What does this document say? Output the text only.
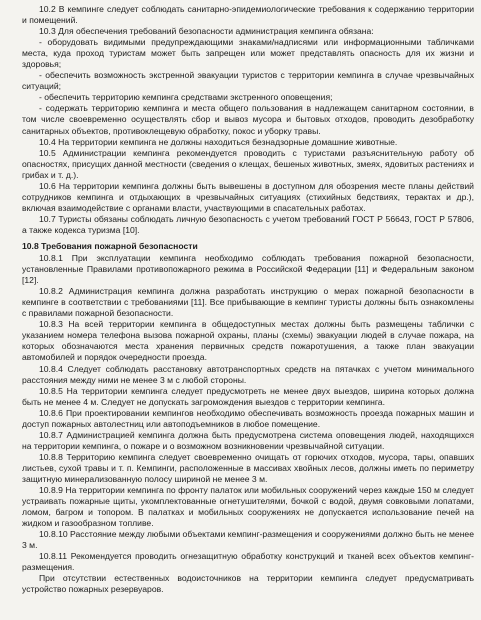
10.2 В кемпинге следует соблюдать санитарно-эпидемиологические требования к содержанию территории и помещений.
10.3 Для обеспечения требований безопасности администрация кемпинга обязана:
- оборудовать видимыми предупреждающими знаками/надписями или информационными табличками места, куда проход туристам может быть запрещен или может представлять опасность для их жизни и здоровья;
- обеспечить возможность экстренной эвакуации туристов с территории кемпинга в случае чрезвычайных ситуаций;
- обеспечить территорию кемпинга средствами экстренного оповещения;
- содержать территорию кемпинга и места общего пользования в надлежащем санитарном состоянии, в том числе своевременно осуществлять сбор и вывоз мусора и бытовых отходов, проводить дезобработку санитарных объектов, противоклещевую обработку, покос и уборку травы.
10.4 На территории кемпинга не должны находиться безнадзорные домашние животные.
10.5 Администрации кемпинга рекомендуется проводить с туристами разъяснительную работу об опасностях, присущих данной местности (сведения о клещах, бешеных животных, змеях, ядовитых растениях и грибах и т. д.).
10.6 На территории кемпинга должны быть вывешены в доступном для обозрения месте планы действий сотрудников кемпинга и отдыхающих в чрезвычайных ситуациях (стихийных бедствиях, терактах и др.), включая взаимодействие с органами власти, участвующими в спасательных работах.
10.7 Туристы обязаны соблюдать личную безопасность с учетом требований ГОСТ Р 56643, ГОСТ Р 57806, а также кодекса туризма [10].
10.8 Требования пожарной безопасности
10.8.1 При эксплуатации кемпинга необходимо соблюдать требования пожарной безопасности, установленные Правилами противопожарного режима в Российской Федерации [11] и Федеральным законом [12].
10.8.2 Администрация кемпинга должна разработать инструкцию о мерах пожарной безопасности в кемпинге в соответствии с требованиями [11]. Все прибывающие в кемпинг туристы должны быть ознакомлены с правилами пожарной безопасности.
10.8.3 На всей территории кемпинга в общедоступных местах должны быть размещены таблички с указанием номера телефона вызова пожарной охраны, планы (схемы) эвакуации людей в случае пожара, на которых обозначаются места хранения первичных средств пожаротушения, а также план эвакуации автомобилей и порядок очередности проезда.
10.8.4 Следует соблюдать расстановку автотранспортных средств на пятачках с учетом минимального расстояния между ними не менее 3 м с любой стороны.
10.8.5 На территории кемпинга следует предусмотреть не менее двух выездов, ширина которых должна быть не менее 4 м. Следует не допускать загромождения выездов с территории кемпинга.
10.8.6 При проектировании кемпингов необходимо обеспечивать возможность проезда пожарных машин и доступ пожарных автолестниц или автоподъемников в любое помещение.
10.8.7 Администрацией кемпинга должна быть предусмотрена система оповещения людей, находящихся на территории кемпинга, о пожаре и о возможном возникновении чрезвычайной ситуации.
10.8.8 Территорию кемпинга следует своевременно очищать от горючих отходов, мусора, тары, опавших листьев, сухой травы и т. п. Кемпинги, расположенные в массивах хвойных лесов, должны иметь по периметру защитную минерализованную полосу шириной не менее 3 м.
10.8.9 На территории кемпинга по фронту палаток или мобильных сооружений через каждые 150 м следует устраивать пожарные щиты, укомплектованные огнетушителями, бочкой с водой, двумя совковыми лопатами, ломом, багром и топором. В палатках и мобильных сооружениях не допускается использование печей на жидком и газообразном топливе.
10.8.10 Расстояние между любыми объектами кемпинг-размещения и сооружениями должно быть не менее 3 м.
10.8.11 Рекомендуется проводить огнезащитную обработку конструкций и тканей всех объектов кемпинг-размещения.
При отсутствии естественных водоисточников на территории кемпинга следует предусматривать устройство пожарных резервуаров.
